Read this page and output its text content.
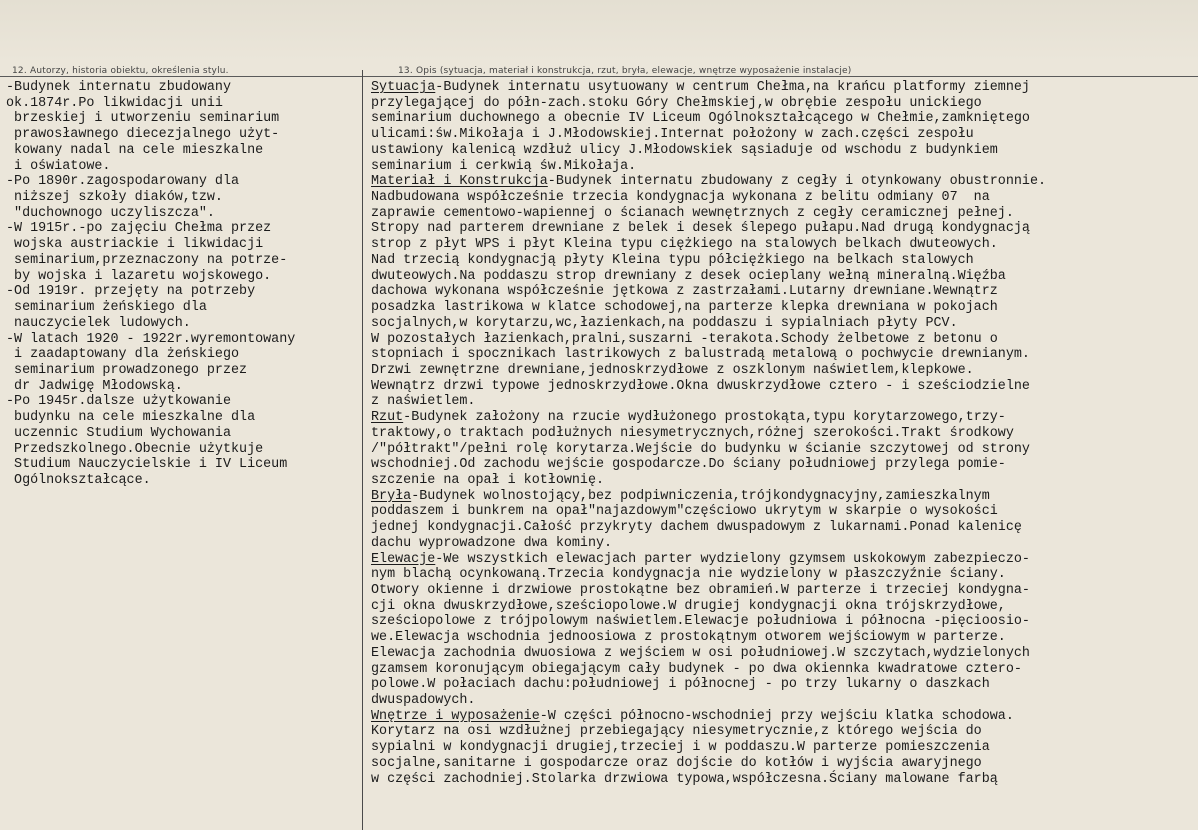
12. Autorzy, historia obiektu, określenia stylu.	13. Opis (sytuacja, materiał i konstrukcja, rzut, bryła, elewacje, wnętrze wyposażenie instalacje)
-Budynek internatu zbudowany
ok.1874r.Po likwidacji unii
brzeskiej i utworzeniu seminarium
prawosławnego diecezjalnego użyt-
kowany nadal na cele mieszkalne
i oświatowe.
-Po 1890r.zagospodarowany dla
niższej szkoły diaków,tzw.
"duchownogo uczyliszcza".
-W 1915r.-po zajęciu Chełma przez
wojska austriackie i likwidacji
seminarium,przeznaczony na potrze-
by wojska i lazaretu wojskowego.
-Od 1919r. przejęty na potrzeby
seminarium żeńskiego dla
nauczycielek ludowych.
-W latach 1920 - 1922r.wyremontowany
i zaadaptowany dla żeńskiego
seminarium prowadzonego przez
dr Jadwigę Młodowską.
-Po 1945r.dalsze użytkowanie
budynku na cele mieszkalne dla
uczennic Studium Wychowania
Przedszkolnego.Obecnie użytkuje
Studium Nauczycielskie i IV Liceum
Ogólnokształcące.
Sytuacja-Budynek internatu usytuowany w centrum Chełma,na krańcu platformy ziemnej
przylegającej do półn-zach.stoku Góry Chełmskiej,w obrębie zespołu unickiego
seminarium duchownego a obecnie IV Liceum Ogólnokształcącego w Chełmie,zamkniętego
ulicami:św.Mikołaja i J.Młodowskiej.Internat położony w zach.części zespołu
ustawiony kalenicą wzdłuż ulicy J.Młodowskiek sąsiaduje od wschodu z budynkiem
seminarium i cerkwią św.Mikołaja.
Materiał i Konstrukcja-Budynek internatu zbudowany z cegły i otynkowany obustronnie.
Nadbudowana współcześnie trzecia kondygnacja wykonana z belitu odmiany 07  na
zaprawie cementowo-wapiennej o ścianach wewnętrznych z cegły ceramicznej pełnej.
Stropy nad parterem drewniane z belek i desek ślepego pułapu.Nad drugą kondygnacją
strop z płyt WPS i płyt Kleina typu ciężkiego na stalowych belkach dwuteowych.
Nad trzecią kondygnacją płyty Kleina typu półciężkiego na belkach stalowych
dwuteowych.Na poddaszu strop drewniany z desek ocieplany wełną mineralną.Więźba
dachowa wykonana współcześnie jętkowa z zastrzałami.Lutarny drewniane.Wewnątrz
posadzka lastrikowa w klatce schodowej,na parterze klepka drewniana w pokojach
socjalnych,w korytarzu,wc,łazienkach,na poddaszu i sypialniach płyty PCV.
W pozostałych łazienkach,pralni,suszarni -terakota.Schody żelbetowe z betonu o
stopniach i spocznikach lastrikowych z balustradą metalową o pochwycie drewnianym.
Drzwi zewnętrzne drewniane,jednoskrzydłowe z oszklonym naświetlem,klepkowe.
Wewnątrz drzwi typowe jednoskrzydłowe.Okna dwuskrzydłowe cztero - i sześciodzielne
z naświetlem.
Rzut-Budynek założony na rzucie wydłużonego prostokąta,typu korytarzowego,trzy-
traktowy,o traktach podłużnych niesymetrycznych,różnej szerokości.Trakt środkowy
/"półtrakt"/pełni rolę korytarza.Wejście do budynku w ścianie szczytowej od strony
wschodniej.Od zachodu wejście gospodarcze.Do ściany południowej przylega pomie-
szczenie na opał i kotłownię.
Bryła-Budynek wolnostojący,bez podpiwniczenia,trójkondygnacyjny,zamieszkalnym
poddaszem i bunkrem na opał"najazdowym"częściowo ukrytym w skarpie o wysokości
jednej kondygnacji.Całość przykryty dachem dwuspadowym z lukarnami.Ponad kalenicę
dachu wyprowadzone dwa kominy.
Elewacje-We wszystkich elewacjach parter wydzielony gzymsem uskokowym zabezpieczo-
nym blachą ocynkowaną.Trzecia kondygnacja nie wydzielony w płaszczyźnie ściany.
Otwory okienne i drzwiowe prostokątne bez obramień.W parterze i trzeciej kondygna-
cji okna dwuskrzydłowe,sześciopolowe.W drugiej kondygnacji okna trójskrzydłowe,
sześciopolowe z trójpolowym naświetlem.Elewacje południowa i północna -pięcioosio-
we.Elewacja wschodnia jednoosiowa z prostokątnym otworem wejściowym w parterze.
Elewacja zachodnia dwuosiowa z wejściem w osi południowej.W szczytach,wydzielonych
gzamsem koronującym obiegającym cały budynek - po dwa okiennka kwadratowe cztero-
polowe.W połaciach dachu:południowej i północnej - po trzy lukarny o daszkach
dwuspadowych.
Wnętrze i wyposażenie-W części północno-wschodniej przy wejściu klatka schodowa.
Korytarz na osi wzdłużnej przebiegający niesymetrycznie,z którego wejścia do
sypialni w kondygnacji drugiej,trzeciej i w poddaszu.W parterze pomieszczenia
socjalne,sanitarne i gospodarcze oraz dojście do kotłów i wyjścia awaryjnego
w części zachodniej.Stolarka drzwiowa typowa,współczesna.Ściany malowane farbą
